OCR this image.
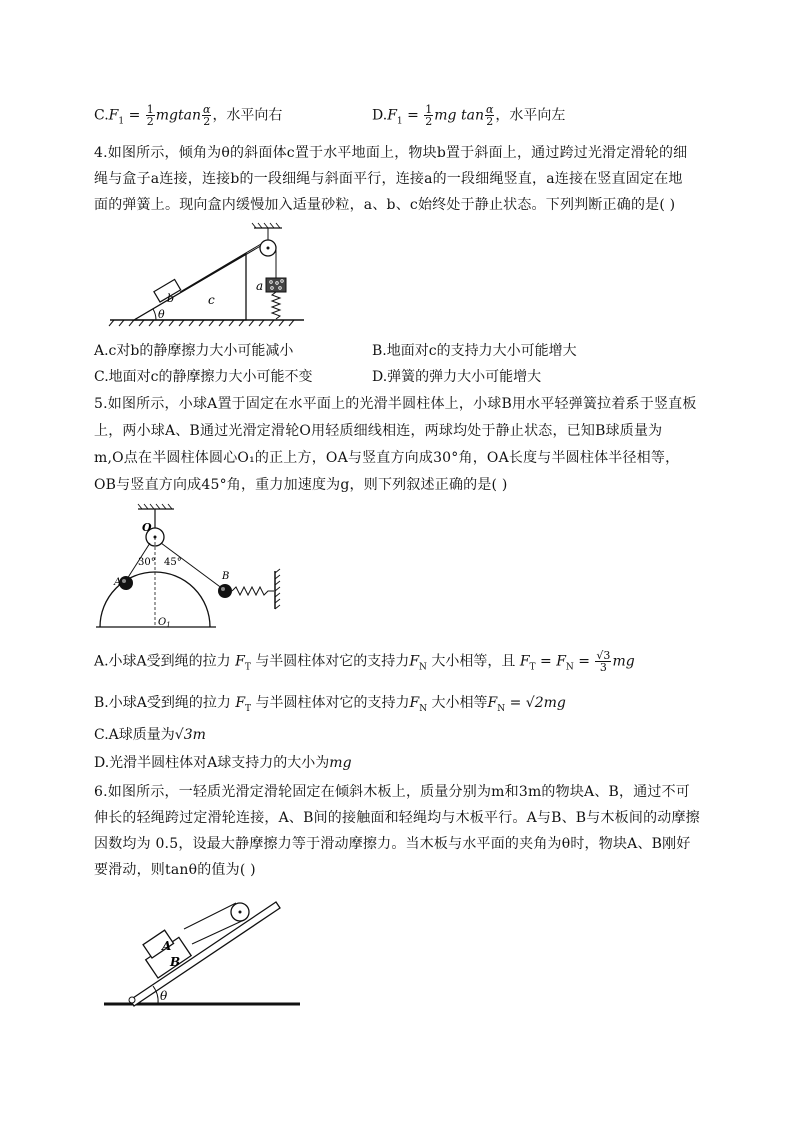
$C.F_1 = \frac{1}{2}$ mgtan $\frac{\alpha}{2}$ ，水平向右	$D.F_1 = \frac{1}{2}$ mg $\tan \frac{\alpha}{2}$ ，水平向左
4.如图所示，倾角为θ的斜面体c置于水平地面上，物块b置于斜面上，通过跨过光滑定滑轮的细
绳与盒子a连接，连接b的一段细绳与斜面平行，连接a的一段细绳竖直，a连接在竖直固定在地
面的弹簧上。现向盒内缓慢加入适量砂粒，a、b、c始终处于静止状态。下列判断正确的是( )
b	c
a
θ
A.c对b的静摩擦力大小可能减小	B.地面对c的支持力大小可能增大
C.地面对c的静摩擦力大小可能不变	D.弹簧的弹力大小可能增大
5.如图所示，小球A置于固定在水平面上的光滑半圆柱体上，小球B用水平轻弹簧拉着系于竖直板
上，两小球A、B通过光滑定滑轮O用轻质细线相连，两球均处于静止状态，已知B球质量为
m,O点在半圆柱体圆心O₁的正上方，OA与竖直方向成30°角，OA长度与半圆柱体半径相等，
OB与竖直方向成45°角，重力加速度为g，则下列叙述正确的是( )
O
30° 45°
$O_1$
A
B
A.小球A受到绳的拉力 $F_T$ 与半圆柱体对它的支持力$F_N$ 大小相等，且 $F_T = F_N = \frac{√3}{3}$ mg
B.小球A受到绳的拉力 $F_T$ 与半圆柱体对它的支持力$F_N$ 大小相等$F_N = √2mg$
C.A球质量为√3m
D.光滑半圆柱体对A球支持力的大小为mg
6.如图所示，一轻质光滑定滑轮固定在倾斜木板上，质量分别为m和3m的物块A、B，通过不可
伸长的轻绳跨过定滑轮连接，A、B间的接触面和轻绳均与木板平行。A与B、B与木板间的动摩擦
因数均为 0.5，设最大静摩擦力等于滑动摩擦力。当木板与水平面的夹角为θ时，物块A、B刚好
要滑动，则tanθ的值为( )
A
B
θ
